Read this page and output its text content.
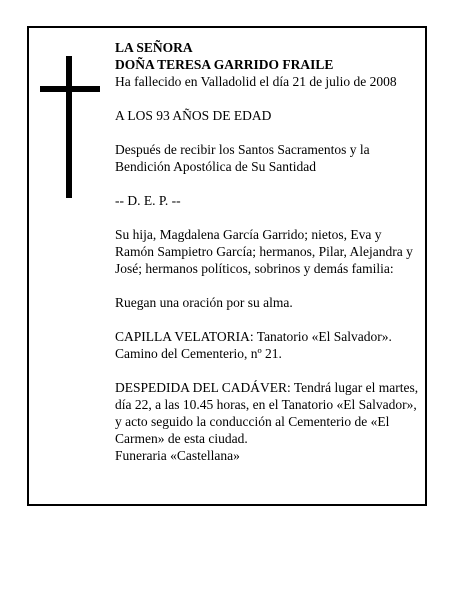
LA SEÑORA
DOÑA TERESA GARRIDO FRAILE
Ha fallecido en Valladolid el día 21 de julio de 2008

A LOS 93 AÑOS DE EDAD

Después de recibir los Santos Sacramentos y la Bendición Apostólica de Su Santidad

-- D. E. P. --

Su hija, Magdalena García Garrido; nietos, Eva y Ramón Sampietro García; hermanos, Pilar, Alejandra y José; hermanos políticos, sobrinos y demás familia:

Ruegan una oración por su alma.

CAPILLA VELATORIA: Tanatorio «El Salvador». Camino del Cementerio, nº 21.

DESPEDIDA DEL CADÁVER: Tendrá lugar el martes, día 22, a las 10.45 horas, en el Tanatorio «El Salvador», y acto seguido la conducción al Cementerio de «El Carmen» de esta ciudad.

Funeraria «Castellana»
